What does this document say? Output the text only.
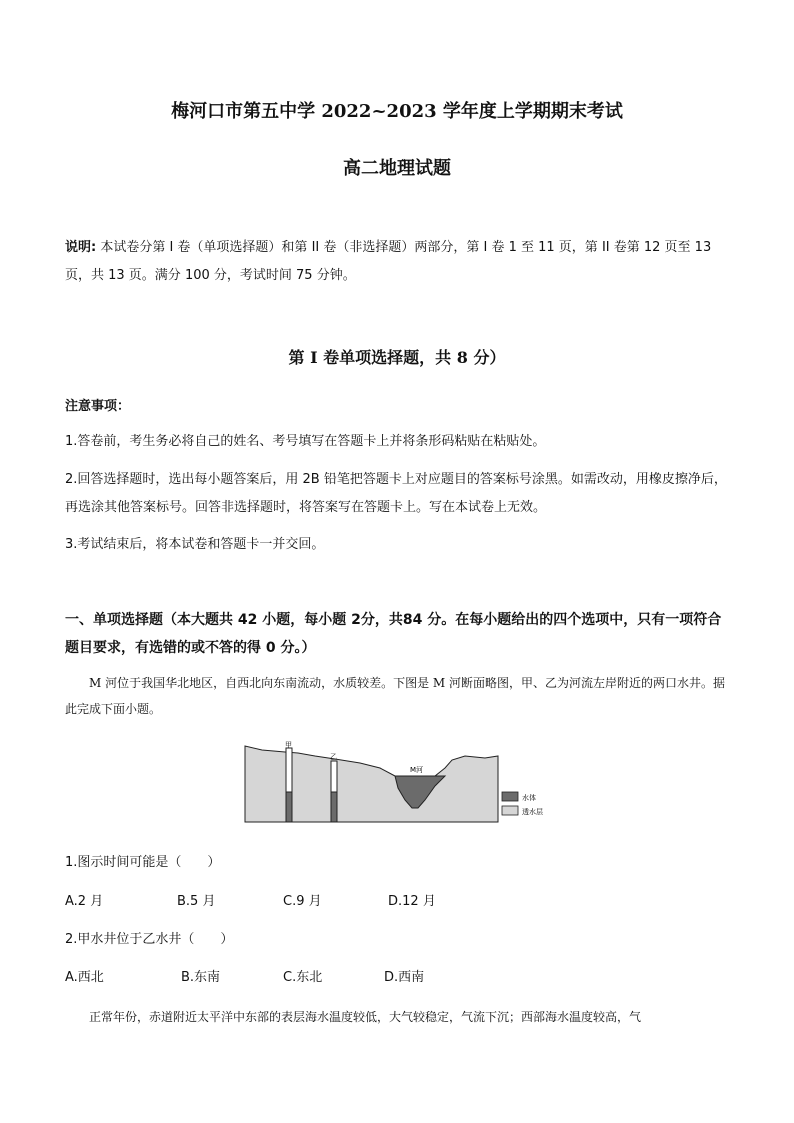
梅河口市第五中学 2022~2023 学年度上学期期末考试
高二地理试题
说明: 本试卷分第 I 卷（单项选择题）和第 II 卷（非选择题）两部分，第 I 卷 1 至 11 页，第 II 卷第 12 页至 13 页，共 13 页。满分 100 分，考试时间 75 分钟。
第 I 卷单项选择题，共 8 分）
注意事项：
1.答卷前，考生务必将自己的姓名、考号填写在答题卡上并将条形码粘贴在粘贴处。
2.回答选择题时，选出每小题答案后，用 2B 铅笔把答题卡上对应题目的答案标号涂黑。如需改动，用橡皮擦净后，再选涂其他答案标号。回答非选择题时，将答案写在答题卡上。写在本试卷上无效。
3.考试结束后，将本试卷和答题卡一并交回。
一、单项选择题（本大题共 42 小题，每小题 2分，共84 分。在每小题给出的四个选项中，只有一项符合题目要求，有选错的或不答的得 0 分。）
M 河位于我国华北地区，自西北向东南流动，水质较差。下图是 M 河断面略图，甲、乙为河流左岸附近的两口水井。据此完成下面小题。
甲
乙
M河
水体
透水层
1.图示时间可能是（　　）
A.2 月	B.5 月	C.9 月	D.12 月
2.甲水井位于乙水井（　　）
A.西北	B.东南	C.东北	D.西南
正常年份，赤道附近太平洋中东部的表层海水温度较低，大气较稳定，气流下沉；西部海水温度较高，气
